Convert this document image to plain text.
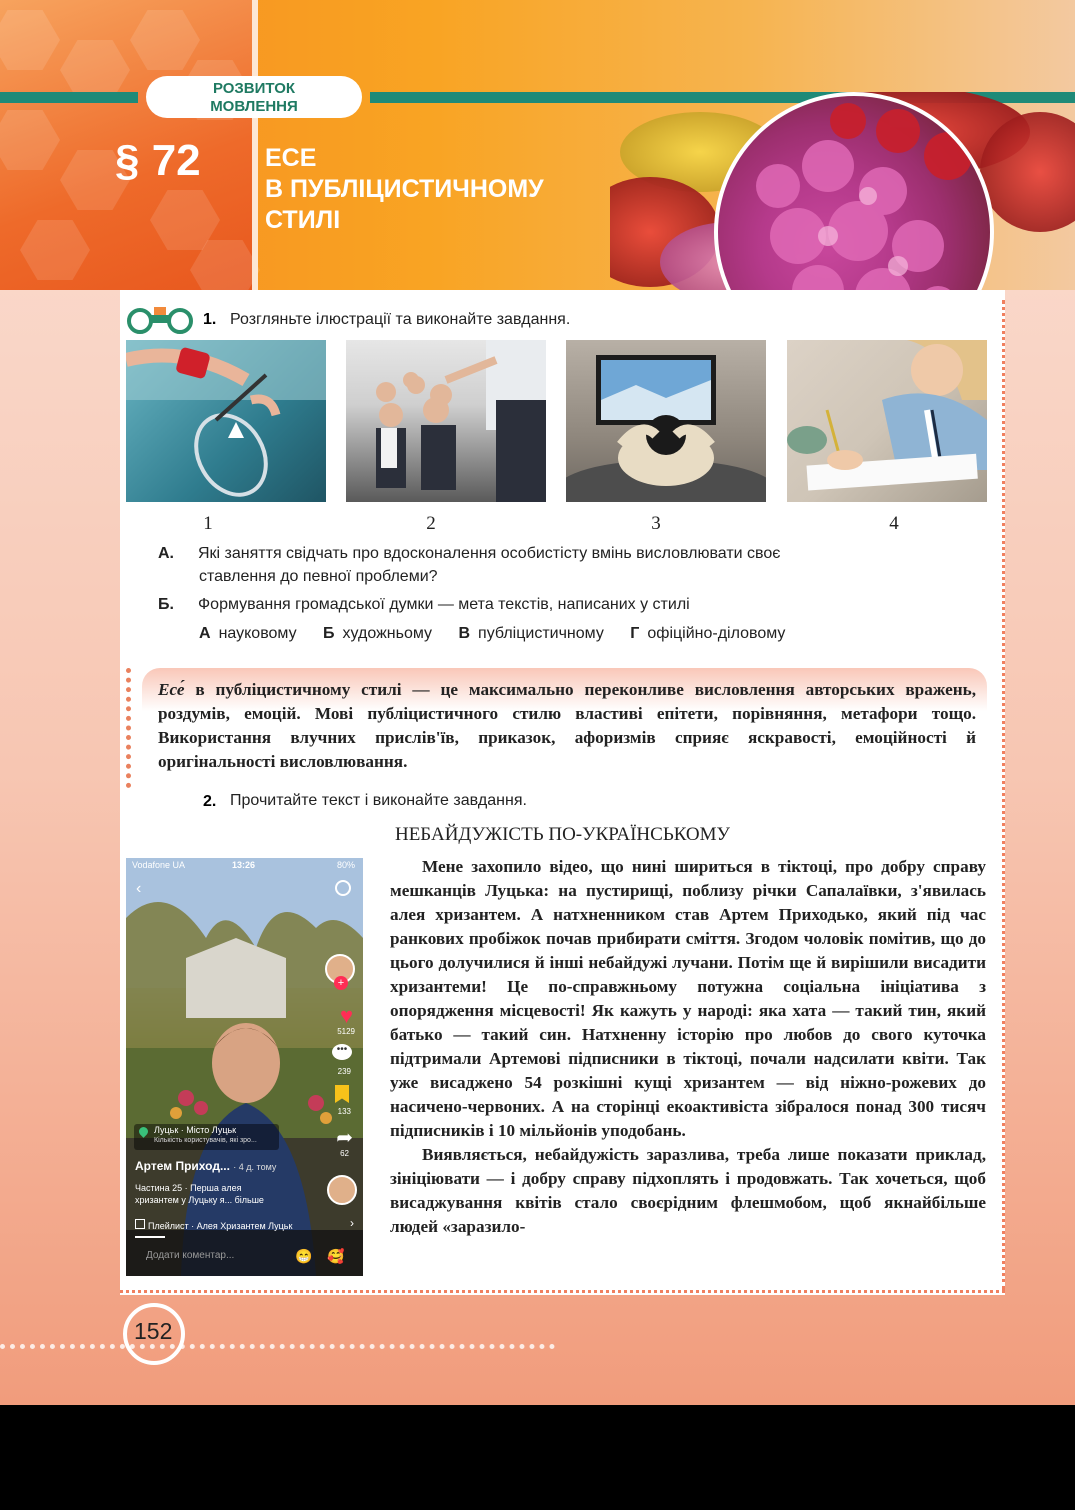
РОЗВИТОК
МОВЛЕННЯ
§ 72	ЕСЕ
В ПУБЛІЦИСТИЧНОМУ
СТИЛІ
1. Розгляньте ілюстрації та виконайте завдання.
1	2	3	4
А. Які заняття свідчать про вдосконалення особистісту вмінь висловлювати своє
ставлення до певної проблеми?
Б. Формування громадської думки — мета текстів, написаних у стилі
А науковому Б художньому В публіцистичному Г офіційно-діловому
Есе́ в публіцистичному стилі — це максимально переконливе висловлення авторських вражень, роздумів, емоцій. Мові публіцистичного стилю властиві епітети, порівняння, метафори тощо. Використання влучних прислів'їв, приказок, афоризмів сприяє яскравості, емоційності й оригінальності висловлювання.
2. Прочитайте текст і виконайте завдання.
НЕБАЙДУЖІСТЬ ПО-УКРАЇНСЬКОМУ
Vodafone UA	13:26	80%
‹
+
♥
5129
•••
239
133
➦
62
Луцьк · Місто Луцьк
Кількість користувачів, які зро...
Артем Приход... · 4 д. тому
Частина 25 · Перша алея
хризантем у Луцьку я... більше
Плейлист · Алея Хризантем Луцьк	›
Додати коментар...	😁 🥰

Мене захопило відео, що нині шириться в тіктоці, про добру справу мешканців Луцька: на пустирищі, поблизу річки Сапалаївки, з'явилась алея хризантем. А натхненником став Артем Приходько, який під час ранкових пробіжок почав прибирати сміття. Згодом чоловік помітив, що до цього долучилися й інші небайдужі лучани. Потім ще й вирішили висадити хризантеми! Це по-справжньому потужна соціальна ініціатива з опорядження місцевості! Як кажуть у народі: яка хата — такий тин, який батько — такий син. Натхненну історію про любов до свого куточка підтримали Артемові підписники в тіктоці, почали надсилати квіти. Так уже висаджено 54 розкішні кущі хризантем — від ніжно-рожевих до насичено-червоних. А на сторінці екоактивіста зібралося понад 300 тисяч підписників і 10 мільйонів уподобань.

Виявляється, небайдужість заразлива, треба лише показати приклад, зініціювати — і добру справу підхоплять і продовжать. Так хочеться, щоб висаджування квітів стало своєрідним флешмобом, щоб якнайбільше людей «заразило-

152
